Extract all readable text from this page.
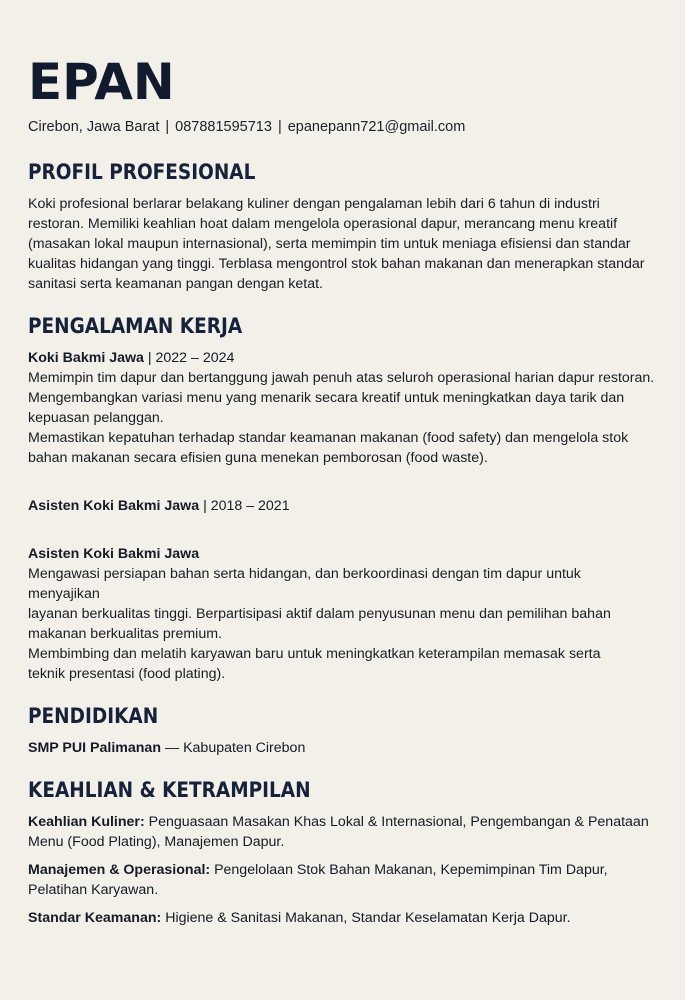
EPAN
Cirebon, Jawa Barat | 087881595713 | epanepann721@gmail.com
PROFIL PROFESIONAL

Koki profesional berlarar belakang kuliner dengan pengalaman lebih dari 6 tahun di industri

restoran. Memiliki keahlian hoat dalam mengelola operasional dapur, merancang menu kreatif

(masakan lokal maupun internasional), serta memimpin tim untuk meniaga efisiensi dan standar

kualitas hidangan yang tinggi. Terblasa mengontrol stok bahan makanan dan menerapkan standar

sanitasi serta keamanan pangan dengan ketat.

PENGALAMAN KERJA
Koki Bakmi Jawa | 2022 – 2024

Memimpin tim dapur dan bertanggung jawah penuh atas seluroh operasional harian dapur restoran.

Mengembangkan variasi menu yang menarik secara kreatif untuk meningkatkan daya tarik dan

kepuasan pelanggan.

Memastikan kepatuhan terhadap standar keamanan makanan (food safety) dan mengelola stok

bahan makanan secara efisien guna menekan pemborosan (food waste).

Asisten Koki Bakmi Jawa | 2018 – 2021
Asisten Koki Bakmi Jawa

Mengawasi persiapan bahan serta hidangan, dan berkoordinasi dengan tim dapur untuk menyajikan

layanan berkualitas tinggi. Berpartisipasi aktif dalam penyusunan menu dan pemilihan bahan

makanan berkualitas premium.

Membimbing dan melatih karyawan baru untuk meningkatkan keterampilan memasak serta

teknik presentasi (food plating).

PENDIDIKAN
SMP PUI Palimanan — Kabupaten Cirebon
KEAHLIAN & KETRAMPILAN
Keahlian Kuliner: Penguasaan Masakan Khas Lokal & Internasional, Pengembangan & Penataan Menu (Food Plating), Manajemen Dapur.
Manajemen & Operasional: Pengelolaan Stok Bahan Makanan, Kepemimpinan Tim Dapur, Pelatihan Karyawan.
Standar Keamanan: Higiene & Sanitasi Makanan, Standar Keselamatan Kerja Dapur.
